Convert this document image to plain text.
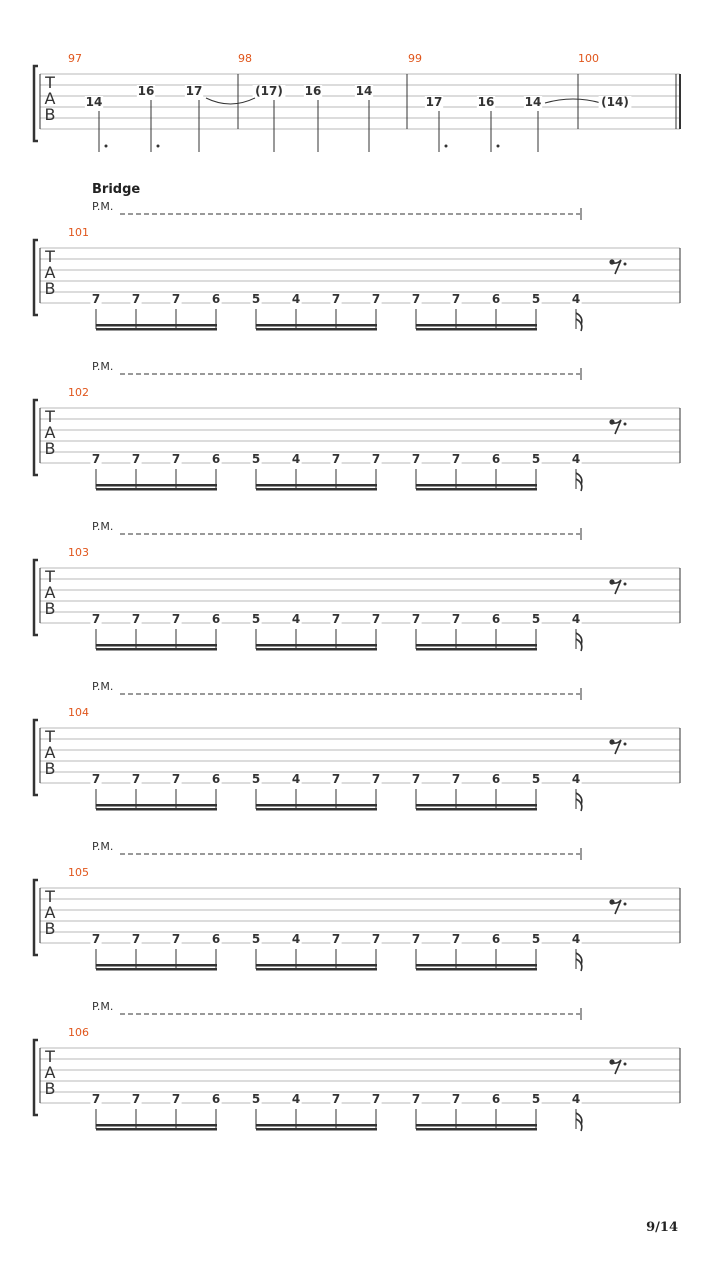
T
A
B
97	98	99	100
14
16	17	(17) 16	14
17	16	14	(14)
T
A
B
P.M.
101
7	7	7	6	5	4	7	7	7	7	6	5	4
T
A
B
P.M.
102
7	7	7	6	5	4	7	7	7	7	6	5	4
T
A
B
P.M.
103
7	7	7	6	5	4	7	7	7	7	6	5	4
T
A
B
P.M.
104
7	7	7	6	5	4	7	7	7	7	6	5	4
T
A
B
P.M.
105
7	7	7	6	5	4	7	7	7	7	6	5	4
T
A
B
P.M.
106
7	7	7	6	5	4	7	7	7	7	6	5	4
Bridge
9/14
